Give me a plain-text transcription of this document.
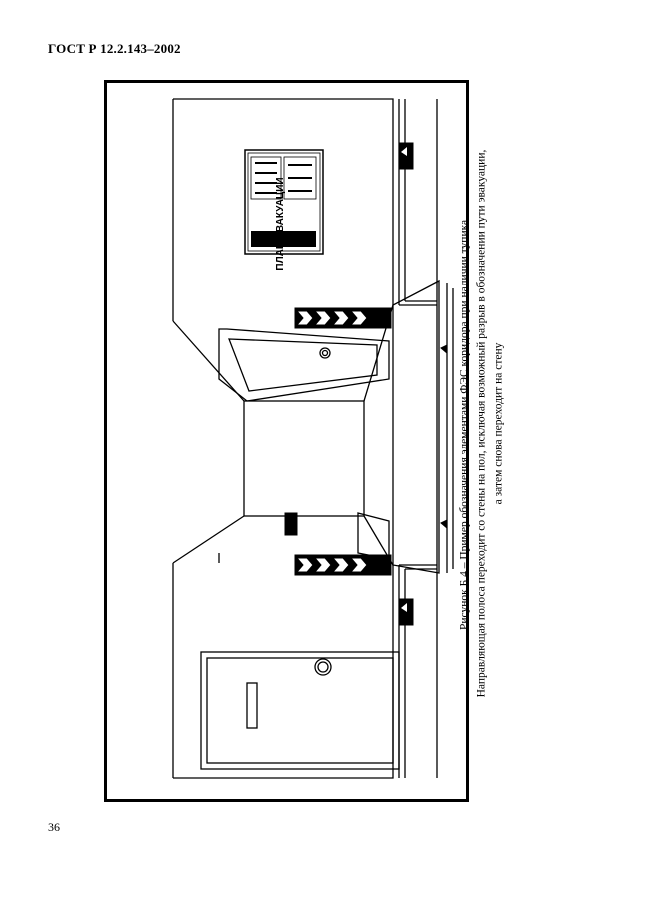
ГОСТ Р 12.2.143–2002
ПЛАН ЭВАКУАЦИИ	Рисунок Б.4 – Пример обозначения элементами ФЭС коридора при наличии тупика. Направляющая полоса переходит со стены на пол, исключая возможный разрыв в обозначении пути эвакуации, а затем снова переходит на стену
36
